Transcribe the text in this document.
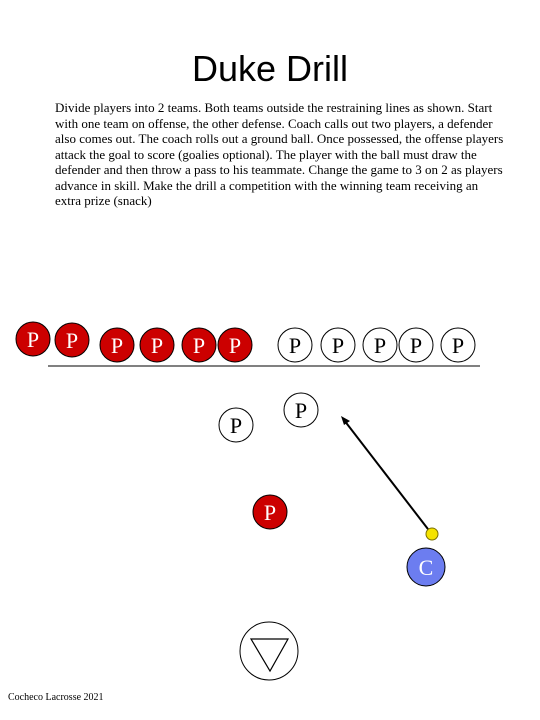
Duke Drill
Divide players into 2 teams. Both teams outside the restraining lines as shown. Start with one team on offense, the other defense. Coach calls out two players, a defender also comes out. The coach rolls out a ground ball. Once possessed, the offense players attack the goal to score (goalies optional). The player with the ball must draw the defender and then throw a pass to his teammate. Change the game to 3 on 2 as players advance in skill. Make the drill a competition with the winning team receiving an extra prize (snack)
P P P P P P P P P P P
P
P
P
C
Cocheco Lacrosse 2021
